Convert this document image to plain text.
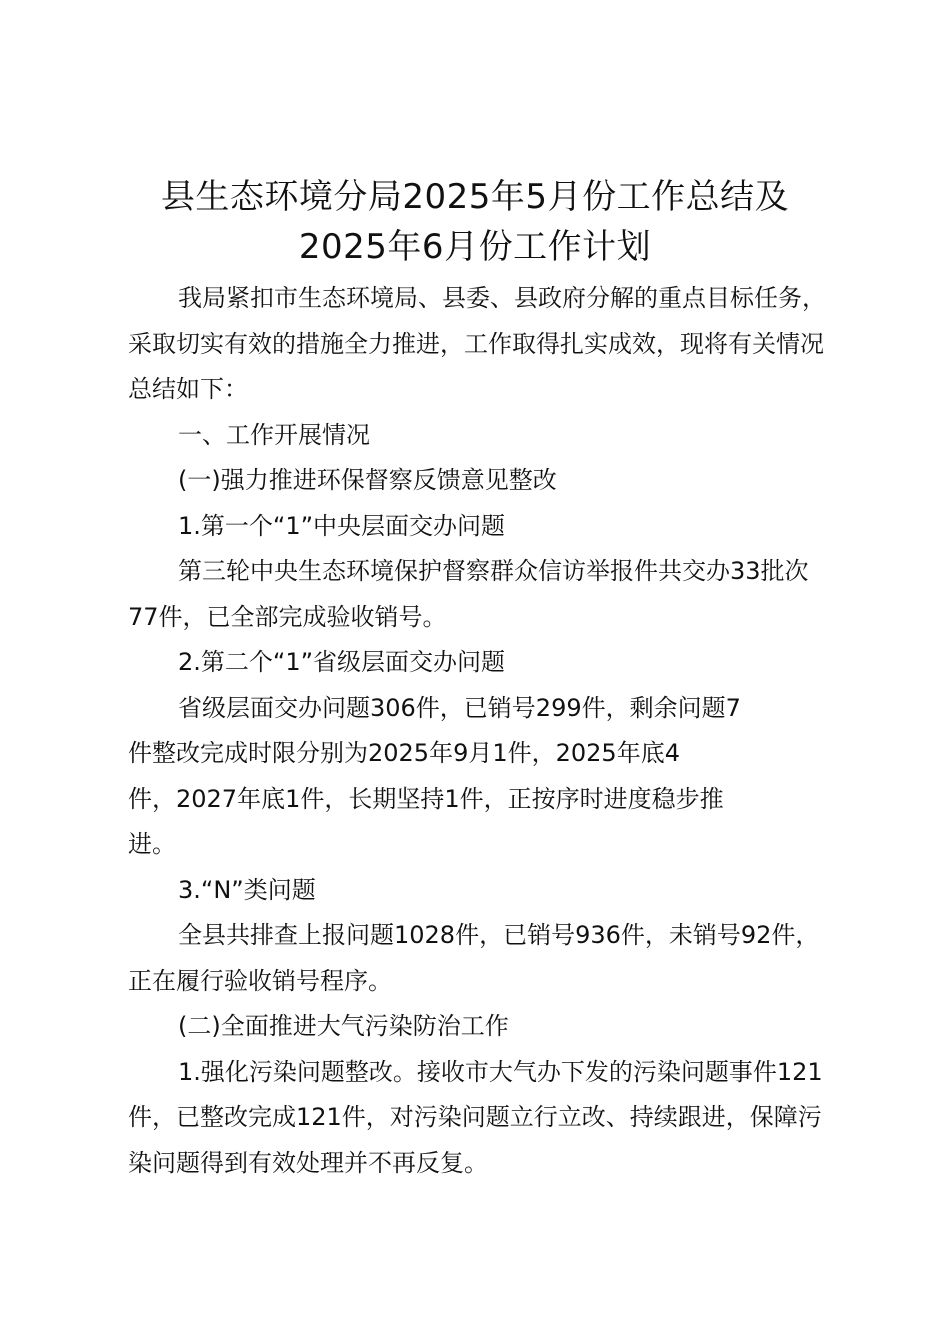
县生态环境分局2025年5月份工作总结及
2025年6月份工作计划

我局紧扣市生态环境局、县委、县政府分解的重点目标任务，采取切实有效的措施全力推进，工作取得扎实成效，现将有关情况总结如下：

一、工作开展情况

(一)强力推进环保督察反馈意见整改

1.第一个“1”中央层面交办问题

第三轮中央生态环境保护督察群众信访举报件共交办33批次77件，已全部完成验收销号。

2.第二个“1”省级层面交办问题

省级层面交办问题306件，已销号299件，剩余问题7
件整改完成时限分别为2025年9月1件，2025年底4
件，2027年底1件，长期坚持1件，正按序时进度稳步推
进。

3.“N”类问题

全县共排查上报问题1028件，已销号936件，未销号92件，正在履行验收销号程序。

(二)全面推进大气污染防治工作

1.强化污染问题整改。接收市大气办下发的污染问题事件121件，已整改完成121件，对污染问题立行立改、持续跟进，保障污染问题得到有效处理并不再反复。
